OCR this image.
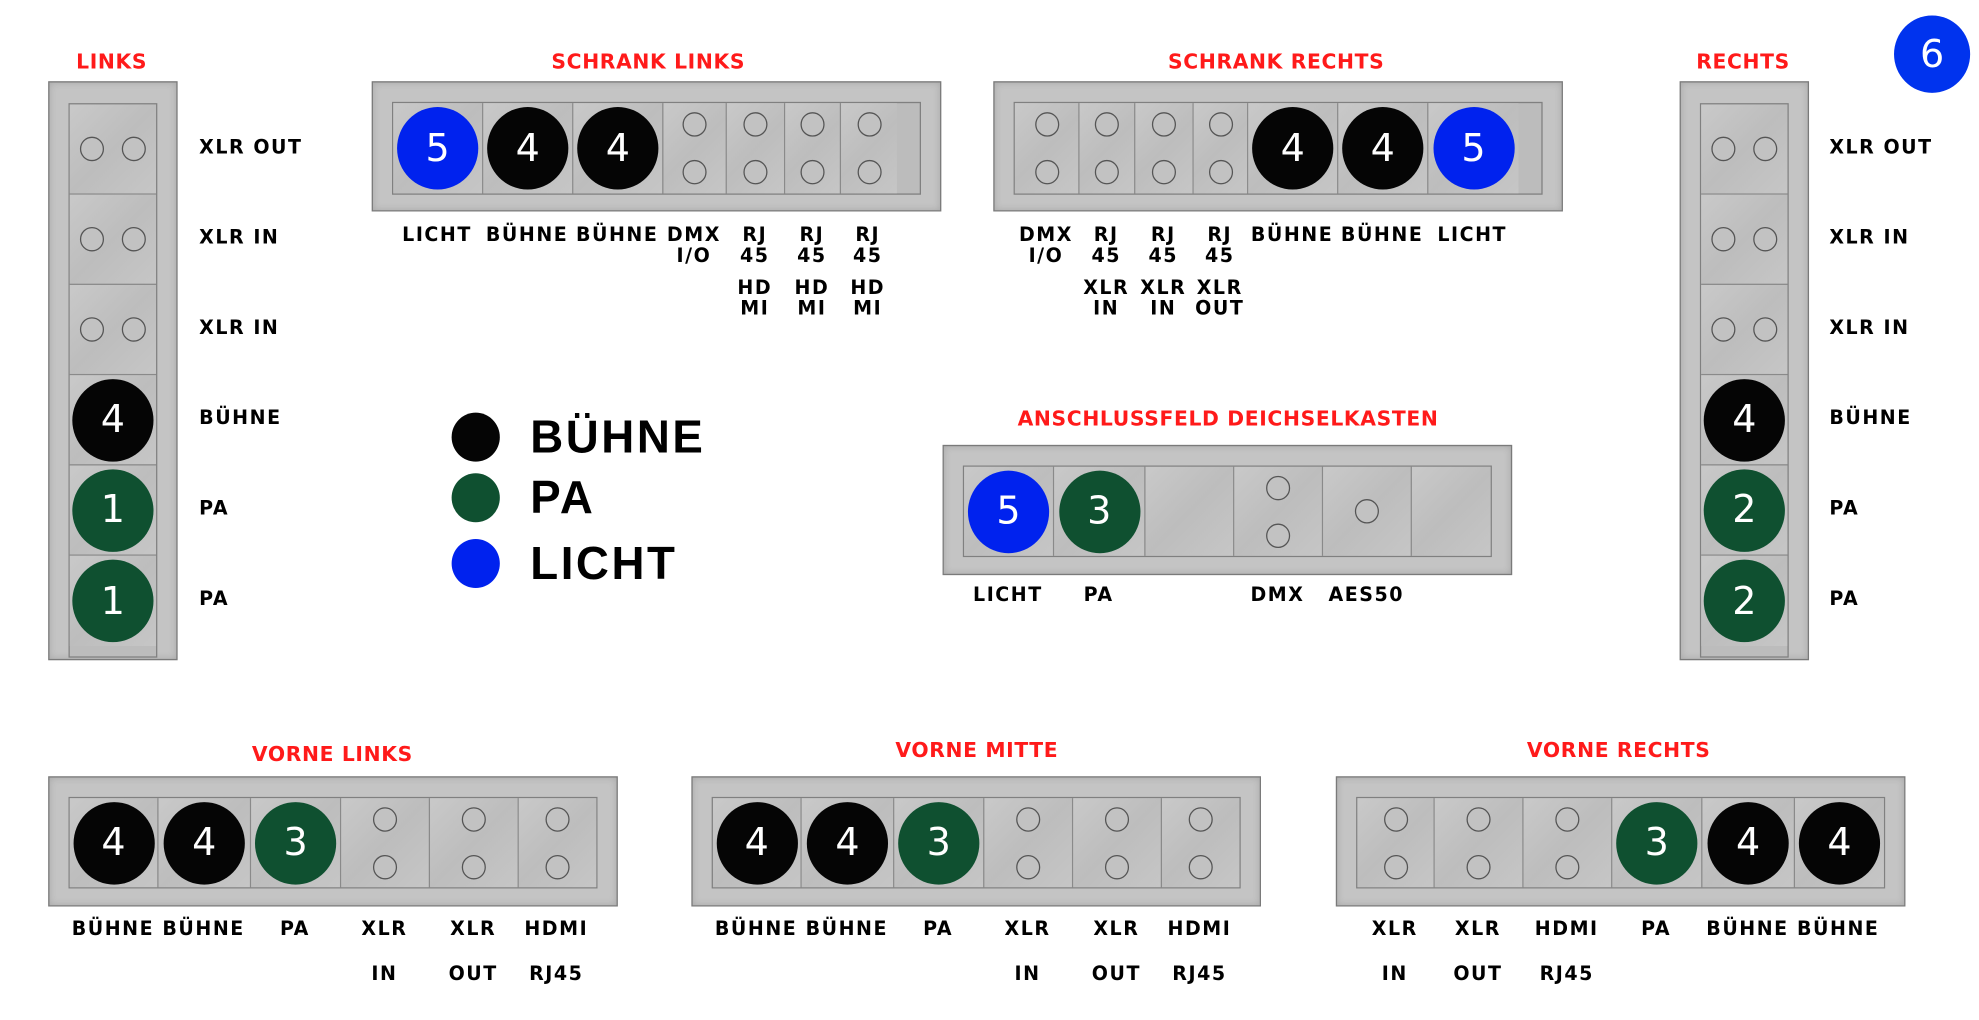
6
BÜHNE
PA
LICHT
LINKS
4
1
1
XLR OUT
XLR IN
XLR IN
BÜHNE
PA
PA
RECHTS
4
2
2
XLR OUT
XLR IN
XLR IN
BÜHNE
PA
PA
SCHRANK LINKS
5	4	4
LICHT BÜHNE BÜHNE DMX
I/O
RJ
45
HD
MI
RJ
45
HD
MI
RJ
45
HD
MI
SCHRANK RECHTS
4	4	5
DMX
I/O
RJ
45
XLR
IN
RJ
45
XLR
IN
RJ
45
XLR
OUT
BÜHNE BÜHNE LICHT
ANSCHLUSSFELD DEICHSELKASTEN
5	3
LICHT	PA	DMX AES50
VORNE LINKS
4	4	3
BÜHNE BÜHNE PA	XLR
IN
XLR
OUT
HDMI
RJ45
VORNE MITTE
4	4	3
BÜHNE BÜHNE PA	XLR
IN
XLR
OUT
HDMI
RJ45
VORNE RECHTS
3	4	4
XLR
IN
XLR
OUT
HDMI
RJ45
PA BÜHNE BÜHNE
